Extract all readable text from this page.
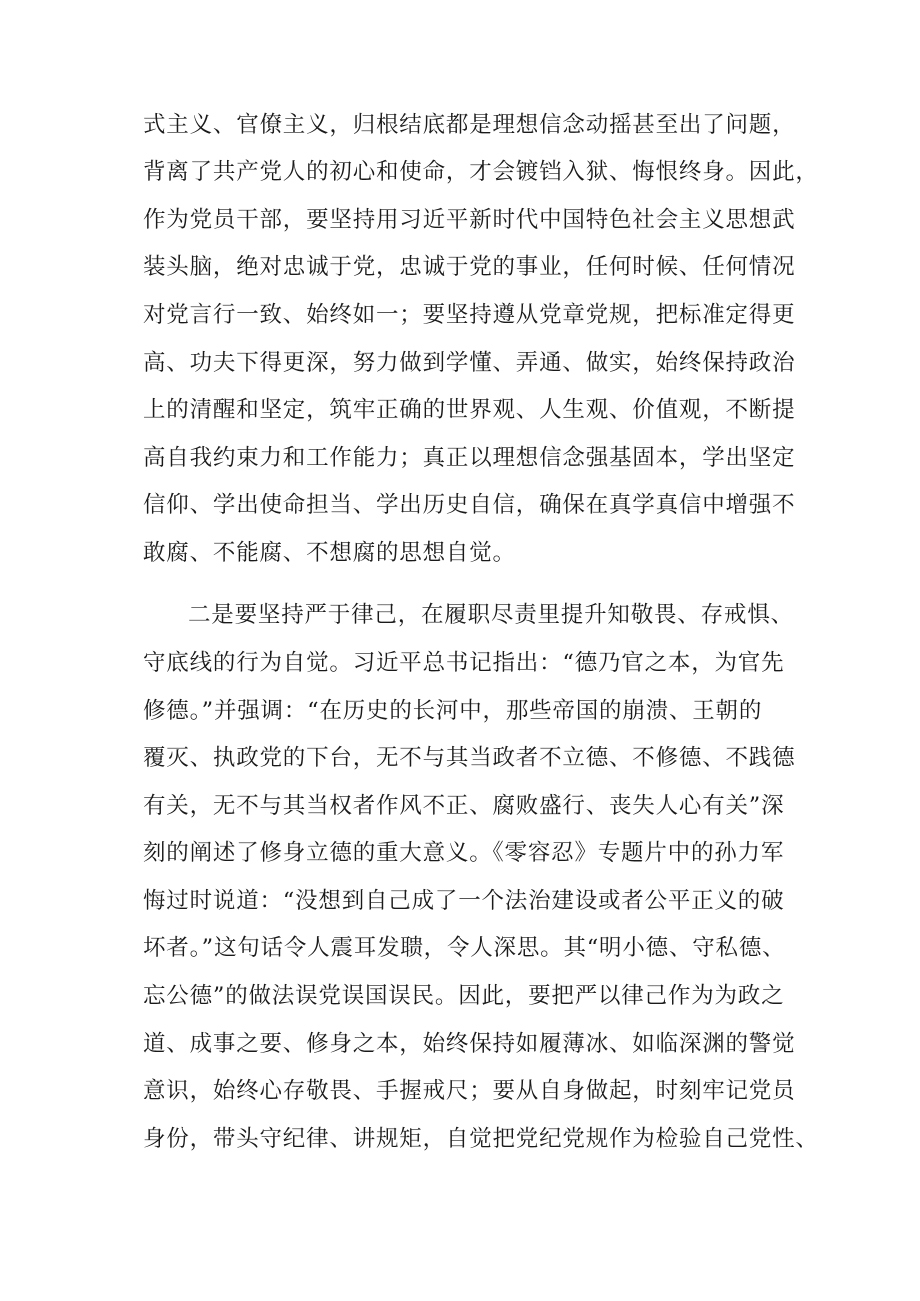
式主义、官僚主义，归根结底都是理想信念动摇甚至出了问题，
背离了共产党人的初心和使命，才会镀铛入狱、悔恨终身。因此，
作为党员干部，要坚持用习近平新时代中国特色社会主义思想武
装头脑，绝对忠诚于党，忠诚于党的事业，任何时候、任何情况
对党言行一致、始终如一；要坚持遵从党章党规，把标准定得更
高、功夫下得更深，努力做到学懂、弄通、做实，始终保持政治
上的清醒和坚定，筑牢正确的世界观、人生观、价值观，不断提
高自我约束力和工作能力；真正以理想信念强基固本，学出坚定
信仰、学出使命担当、学出历史自信，确保在真学真信中增强不
敢腐、不能腐、不想腐的思想自觉。
二是要坚持严于律己，在履职尽责里提升知敬畏、存戒惧、
守底线的行为自觉。习近平总书记指出：“德乃官之本，为官先
修德。”并强调：“在历史的长河中，那些帝国的崩溃、王朝的
覆灭、执政党的下台，无不与其当政者不立德、不修德、不践德
有关，无不与其当权者作风不正、腐败盛行、丧失人心有关”深
刻的阐述了修身立德的重大意义。《零容忍》专题片中的孙力军
悔过时说道：“没想到自己成了一个法治建设或者公平正义的破
坏者。”这句话令人震耳发聩，令人深思。其“明小德、守私德、
忘公德”的做法误党误国误民。因此，要把严以律己作为为政之
道、成事之要、修身之本，始终保持如履薄冰、如临深渊的警觉
意识，始终心存敬畏、手握戒尺；要从自身做起，时刻牢记党员
身份，带头守纪律、讲规矩，自觉把党纪党规作为检验自己党性、
